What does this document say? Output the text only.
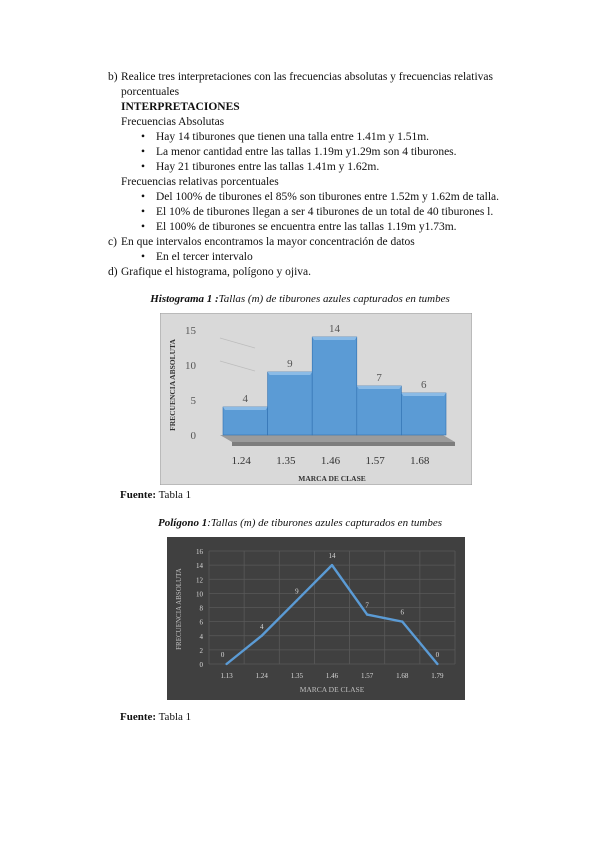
b) Realice tres interpretaciones con las frecuencias absolutas y frecuencias relativas
porcentuales
INTERPRETACIONES
Frecuencias Absolutas
• Hay 14 tiburones que tienen una talla entre 1.41m y 1.51m.
• La menor cantidad entre las tallas 1.19m y1.29m son 4 tiburones.
• Hay 21 tiburones entre las tallas 1.41m y 1.62m.
Frecuencias relativas porcentuales
• Del 100% de tiburones el 85% son tiburones entre 1.52m y 1.62m de talla.
• El 10% de tiburones llegan a ser 4 tiburones de un total de 40 tiburones l.
• El 100% de tiburones se encuentra entre las tallas 1.19m y1.73m.
c) En que intervalos encontramos la mayor concentración de datos
• En el tercer intervalo
d) Grafique el histograma, polígono y ojiva.
Histograma 1 :Tallas (m) de tiburones azules capturados en tumbes
0
5
10
15
4
1.24
9
1.35
14
1.46
7
1.57
6
1.68
MARCA DE CLASE
FRECUENCIA ABSOLUTA
Fuente: Tabla 1
Polígono 1:Tallas (m) de tiburones azules capturados en tumbes
0
2
4
6
8
10
12
14
16
0
1.13
4
1.24
9
1.35
14
1.46
7
1.57
6
1.68
0
1.79
MARCA DE CLASE
FRECUENCIA ABSOLUTA
Fuente: Tabla 1
